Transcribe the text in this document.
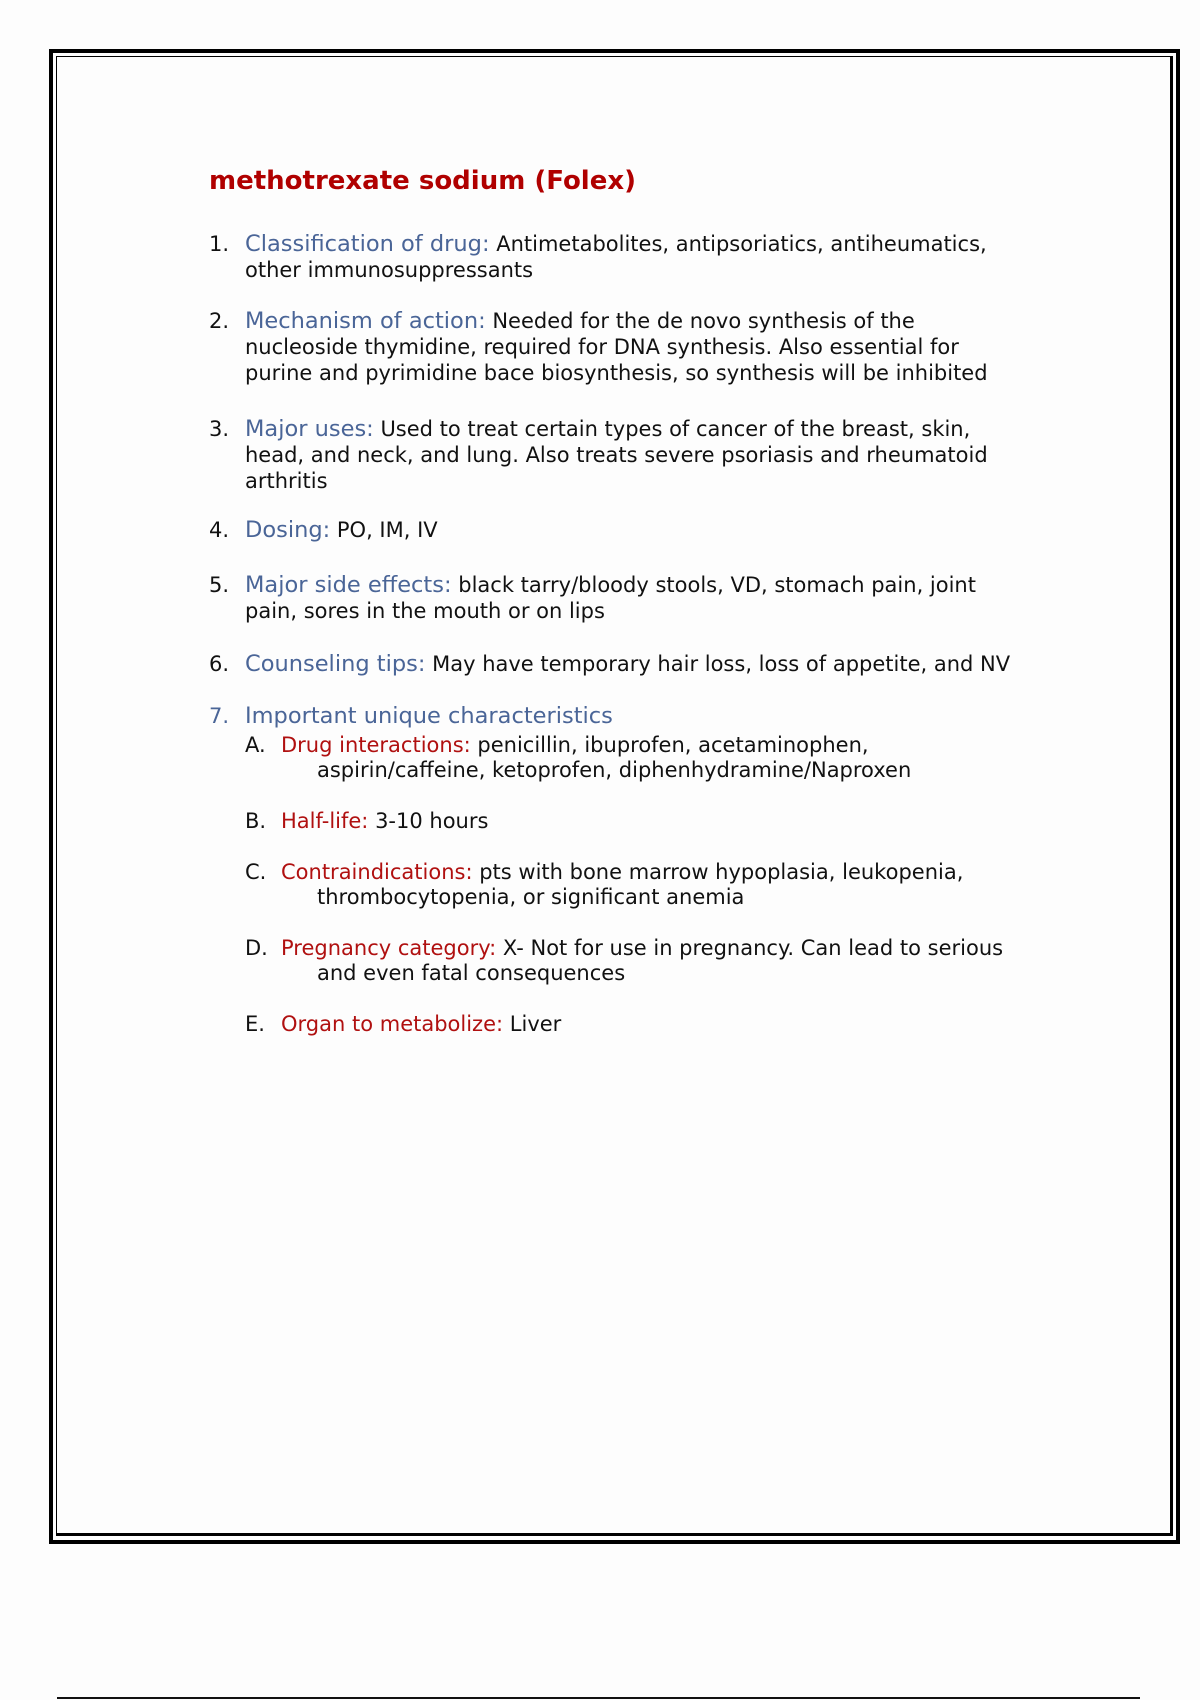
methotrexate sodium (Folex)
1. Classification of drug: Antimetabolites, antipsoriatics, antiheumatics,
other immunosuppressants
2. Mechanism of action: Needed for the de novo synthesis of the
nucleoside thymidine, required for DNA synthesis. Also essential for
purine and pyrimidine bace biosynthesis, so synthesis will be inhibited
3. Major uses: Used to treat certain types of cancer of the breast, skin,
head, and neck, and lung. Also treats severe psoriasis and rheumatoid
arthritis
4. Dosing: PO, IM, IV
5. Major side effects: black tarry/bloody stools, VD, stomach pain, joint
pain, sores in the mouth or on lips
6. Counseling tips: May have temporary hair loss, loss of appetite, and NV
7. Important unique characteristics
A. Drug interactions: penicillin, ibuprofen, acetaminophen,
aspirin/caffeine, ketoprofen, diphenhydramine/Naproxen
B. Half-life: 3-10 hours
C. Contraindications: pts with bone marrow hypoplasia, leukopenia,
thrombocytopenia, or significant anemia
D. Pregnancy category: X- Not for use in pregnancy. Can lead to serious
and even fatal consequences
E. Organ to metabolize: Liver
